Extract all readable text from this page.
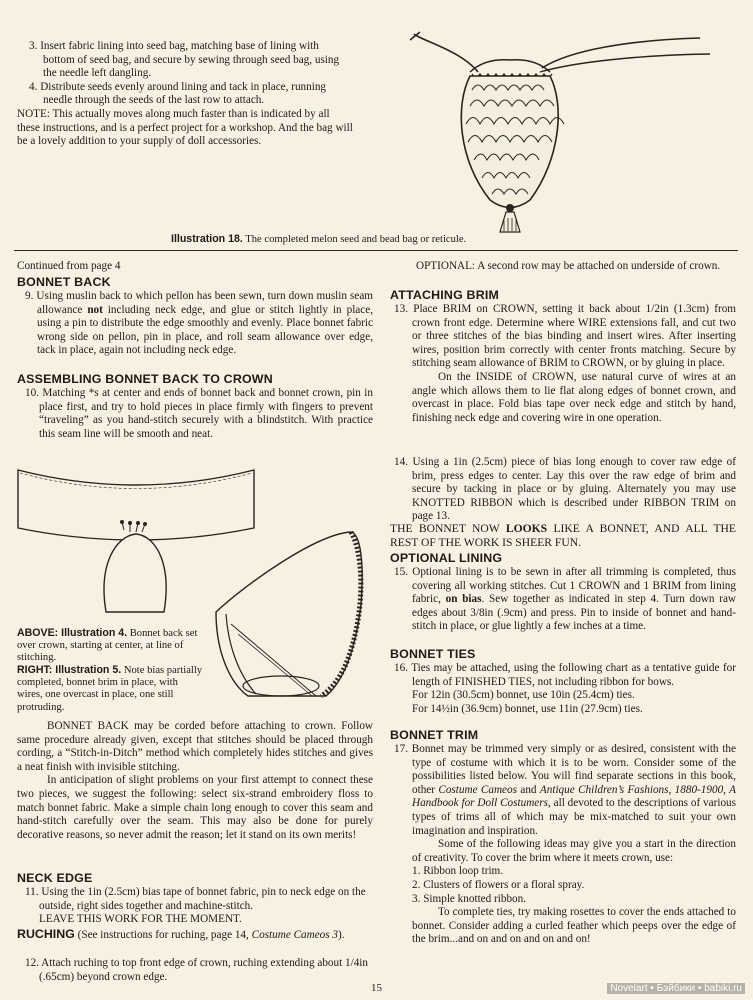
3. Insert fabric lining into seed bag, matching base of lining with bottom of seed bag, and secure by sewing through seed bag, using the needle left dangling.

4. Distribute seeds evenly around lining and tack in place, running needle through the seeds of the last row to attach.

NOTE: This actually moves along much faster than is indicated by all these instructions, and is a perfect project for a workshop. And the bag will be a lovely addition to your supply of doll accessories.

Illustration 18. The completed melon seed and bead bag or reticule.
Continued from page 4
BONNET BACK

9. Using muslin back to which pellon has been sewn, turn down muslin seam allowance not including neck edge, and glue or stitch lightly in place, using a pin to distribute the edge smoothly and evenly. Place bonnet fabric wrong side on pellon, pin in place, and roll seam allowance over edge, tack in place, again not including neck edge.

ASSEMBLING BONNET BACK TO CROWN

10. Matching *s at center and ends of bonnet back and bonnet crown, pin in place first, and try to hold pieces in place firmly with fingers to prevent “traveling” as you hand-stitch securely with a blindstitch. With practice this seam line will be smooth and neat.

ABOVE: Illustration 4. Bonnet back set over crown, starting at center, at line of stitching.
RIGHT: Illustration 5. Note bias partially completed, bonnet brim in place, with wires, one overcast in place, one still protruding.

BONNET BACK may be corded before attaching to crown. Follow same procedure already given, except that stitches should be placed through cording, a “Stitch-in-Ditch” method which completely hides stitches and gives a neat finish with invisible stitching.

In anticipation of slight problems on your first attempt to connect these two pieces, we suggest the following: select six-strand embroidery floss to match bonnet fabric. Make a simple chain long enough to cover this seam and hand-stitch carefully over the seam. This may also be done for purely decorative reasons, so never admit the reason; let it stand on its own merits!

NECK EDGE

11. Using the 1in (2.5cm) bias tape of bonnet fabric, pin to neck edge on the outside, right sides together and machine-stitch.

LEAVE THIS WORK FOR THE MOMENT.

RUCHING (See instructions for ruching, page 14, Costume Cameos 3).

12. Attach ruching to top front edge of crown, ruching extending about 1/4in (.65cm) beyond crown edge.

OPTIONAL: A second row may be attached on underside of crown.

ATTACHING BRIM

13. Place BRIM on CROWN, setting it back about 1/2in (1.3cm) from crown front edge. Determine where WIRE extensions fall, and cut two or three stitches of the bias binding and insert wires. After inserting wires, position brim correctly with center fronts matching. Secure by stitching seam allowance of BRIM to CROWN, or by gluing in place.

On the INSIDE of CROWN, use natural curve of wires at an angle which allows them to lie flat along edges of bonnet crown, and overcast in place. Fold bias tape over neck edge and stitch by hand, finishing neck edge and covering wire in one operation.

14. Using a 1in (2.5cm) piece of bias long enough to cover raw edge of brim, press edges to center. Lay this over the raw edge of brim and secure by tacking in place or by gluing. Alternately you may use KNOTTED RIBBON which is described under RIBBON TRIM on page 13.

THE BONNET NOW LOOKS LIKE A BONNET, AND ALL THE REST OF THE WORK IS SHEER FUN.
OPTIONAL LINING

15. Optional lining is to be sewn in after all trimming is completed, thus covering all working stitches. Cut 1 CROWN and 1 BRIM from lining fabric, on bias. Sew together as indicated in step 4. Turn down raw edges about 3/8in (.9cm) and press. Pin to inside of bonnet and hand-stitch in place, or glue lightly a few inches at a time.

BONNET TIES

16. Ties may be attached, using the following chart as a tentative guide for length of FINISHED TIES, not including ribbon for bows.

For 12in (30.5cm) bonnet, use 10in (25.4cm) ties.

For 14½in (36.9cm) bonnet, use 11in (27.9cm) ties.

BONNET TRIM

17. Bonnet may be trimmed very simply or as desired, consistent with the type of costume with which it is to be worn. Consider some of the possibilities listed below. You will find separate sections in this book, other Costume Cameos and Antique Children’s Fashions, 1880-1900, A Handbook for Doll Costumers, all devoted to the descriptions of various types of trims all of which may be mix-matched to suit your own imagination and inspiration.

Some of the following ideas may give you a start in the direction of creativity. To cover the brim where it meets crown, use:

1. Ribbon loop trim.

2. Clusters of flowers or a floral spray.

3. Simple knotted ribbon.

To complete ties, try making rosettes to cover the ends attached to bonnet. Consider adding a curled feather which peeps over the edge of the brim...and on and on and on and on!

15	Novelart • Бэйбики • babiki.ru
